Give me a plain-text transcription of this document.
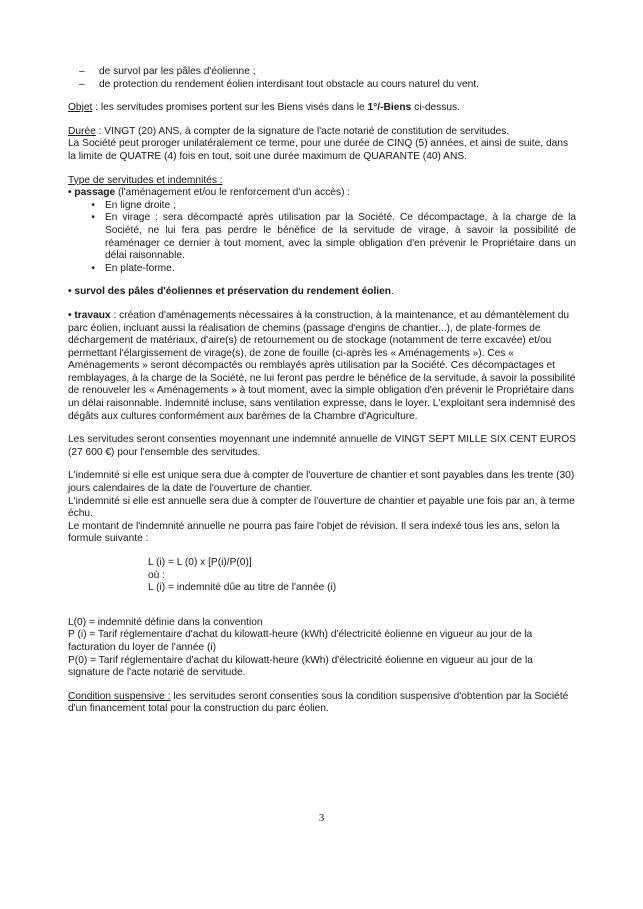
–	de survol par les pâles d'éolienne ;
–	de protection du rendement éolien interdisant tout obstacle au cours naturel du vent.

Objet : les servitudes promises portent sur les Biens visés dans le 1°/-Biens ci-dessus.

Durée : VINGT (20) ANS, à compter de la signature de l'acte notarié de constitution de servitudes.

La Société peut proroger unilatéralement ce terme, pour une durée de CINQ (5) années, et ainsi de suite, dans la limite de QUATRE (4) fois en tout, soit une durée maximum de QUARANTE (40) ANS.

Type de servitudes et indemnités :

• passage (l'aménagement et/ou le renforcement d'un accès) :

• En ligne droite ;
• En virage : sera décompacté après utilisation par la Société. Ce décompactage, à la charge de la Société, ne lui fera pas perdre le bénéfice de la servitude de virage, à savoir la possibilité de réaménager ce dernier à tout moment, avec la simple obligation d'en prévenir le Propriétaire dans un délai raisonnable.
• En plate-forme.

• survol des pâles d'éoliennes et préservation du rendement éolien.

• travaux : création d'aménagements nécessaires à la construction, à la maintenance, et au démantèlement du parc éolien, incluant aussi la réalisation de chemins (passage d'engins de chantier...), de plate-formes de déchargement de matériaux, d'aire(s) de retournement ou de stockage (notamment de terre excavée) et/ou permettant l'élargissement de virage(s), de zone de fouille (ci-après les « Aménagements »). Ces « Aménagements » seront décompactés ou remblayés après utilisation par la Société. Ces décompactages et remblayages, à la charge de la Société, ne lui feront pas perdre le bénéfice de la servitude, à savoir la possibilité de renouveler les « Aménagements » à tout moment, avec la simple obligation d'en prévenir le Propriétaire dans un délai raisonnable. Indemnité incluse, sans ventilation expresse, dans le loyer. L'exploitant sera indemnisé des dégâts aux cultures conformément aux barèmes de la Chambre d'Agriculture.

Les servitudes seront consenties moyennant une indemnité annuelle de VINGT SEPT MILLE SIX CENT EUROS (27 600 €) pour l'ensemble des servitudes.

L'indemnité si elle est unique sera due à compter de l'ouverture de chantier et sont payables dans les trente (30) jours calendaires de la date de l'ouverture de chantier.

L'indemnité si elle est annuelle sera due à compter de l'ouverture de chantier et payable une fois par an, à terme échu.

Le montant de l'indemnité annuelle ne pourra pas faire l'objet de révision. Il sera indexé tous les ans, selon la formule suivante :

L (i) = L (0) x [P(i)/P(0)]

où :

L (i) = indemnité dûe au titre de l'année (i)

L(0) = indemnité définie dans la convention

P (i) = Tarif réglementaire d'achat du kilowatt-heure (kWh) d'électricité éolienne en vigueur au jour de la facturation du loyer de l'année (i)

P(0) = Tarif réglementaire d'achat du kilowatt-heure (kWh) d'électricité éolienne en vigueur au jour de la signature de l'acte notarié de servitude.

Condition suspensive : les servitudes seront consenties sous la condition suspensive d'obtention par la Société d'un financement total pour la construction du parc éolien.

3
